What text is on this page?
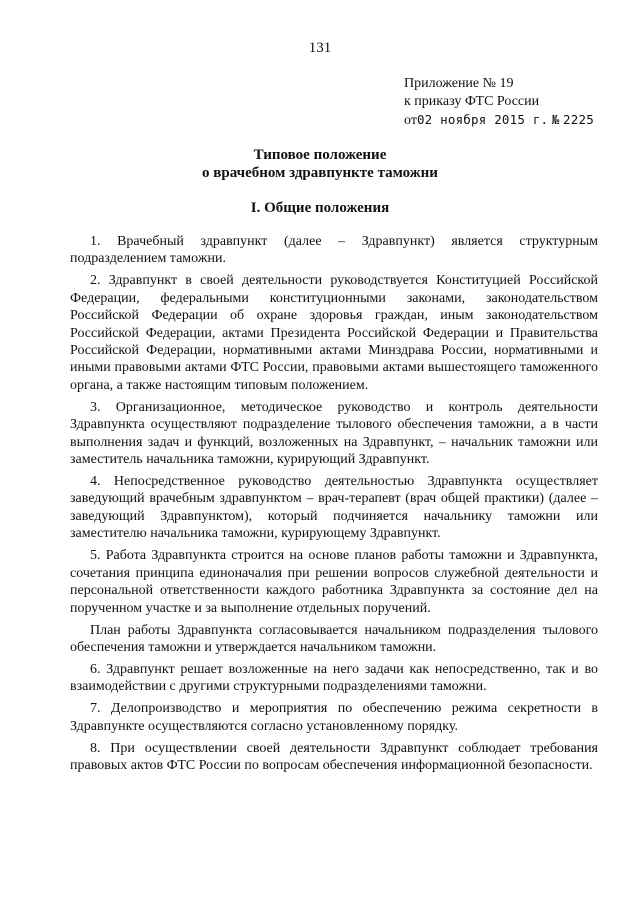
131
Приложение № 19
к приказу ФТС России
от02 ноября 2015 г. № 2225
Типовое положение
о врачебном здравпункте таможни
I. Общие положения

1. Врачебный здравпункт (далее – Здравпункт) является структурным подразделением таможни.

2. Здравпункт в своей деятельности руководствуется Конституцией Российской Федерации, федеральными конституционными законами, законодательством Российской Федерации об охране здоровья граждан, иным законодательством Российской Федерации, актами Президента Российской Федерации и Правительства Российской Федерации, нормативными актами Минздрава России, нормативными и иными правовыми актами ФТС России, правовыми актами вышестоящего таможенного органа, а также настоящим типовым положением.

3. Организационное, методическое руководство и контроль деятельности Здравпункта осуществляют подразделение тылового обеспечения таможни, а в части выполнения задач и функций, возложенных на Здравпункт, – начальник таможни или заместитель начальника таможни, курирующий Здравпункт.

4. Непосредственное руководство деятельностью Здравпункта осуществляет заведующий врачебным здравпунктом – врач-терапевт (врач общей практики) (далее – заведующий Здравпунктом), который подчиняется начальнику таможни или заместителю начальника таможни, курирующему Здравпункт.

5. Работа Здравпункта строится на основе планов работы таможни и Здравпункта, сочетания принципа единоначалия при решении вопросов служебной деятельности и персональной ответственности каждого работника Здравпункта за состояние дел на порученном участке и за выполнение отдельных поручений.

План работы Здравпункта согласовывается начальником подразделения тылового обеспечения таможни и утверждается начальником таможни.

6. Здравпункт решает возложенные на него задачи как непосредственно, так и во взаимодействии с другими структурными подразделениями таможни.

7. Делопроизводство и мероприятия по обеспечению режима секретности в Здравпункте осуществляются согласно установленному порядку.

8. При осуществлении своей деятельности Здравпункт соблюдает требования правовых актов ФТС России по вопросам обеспечения информационной безопасности.
